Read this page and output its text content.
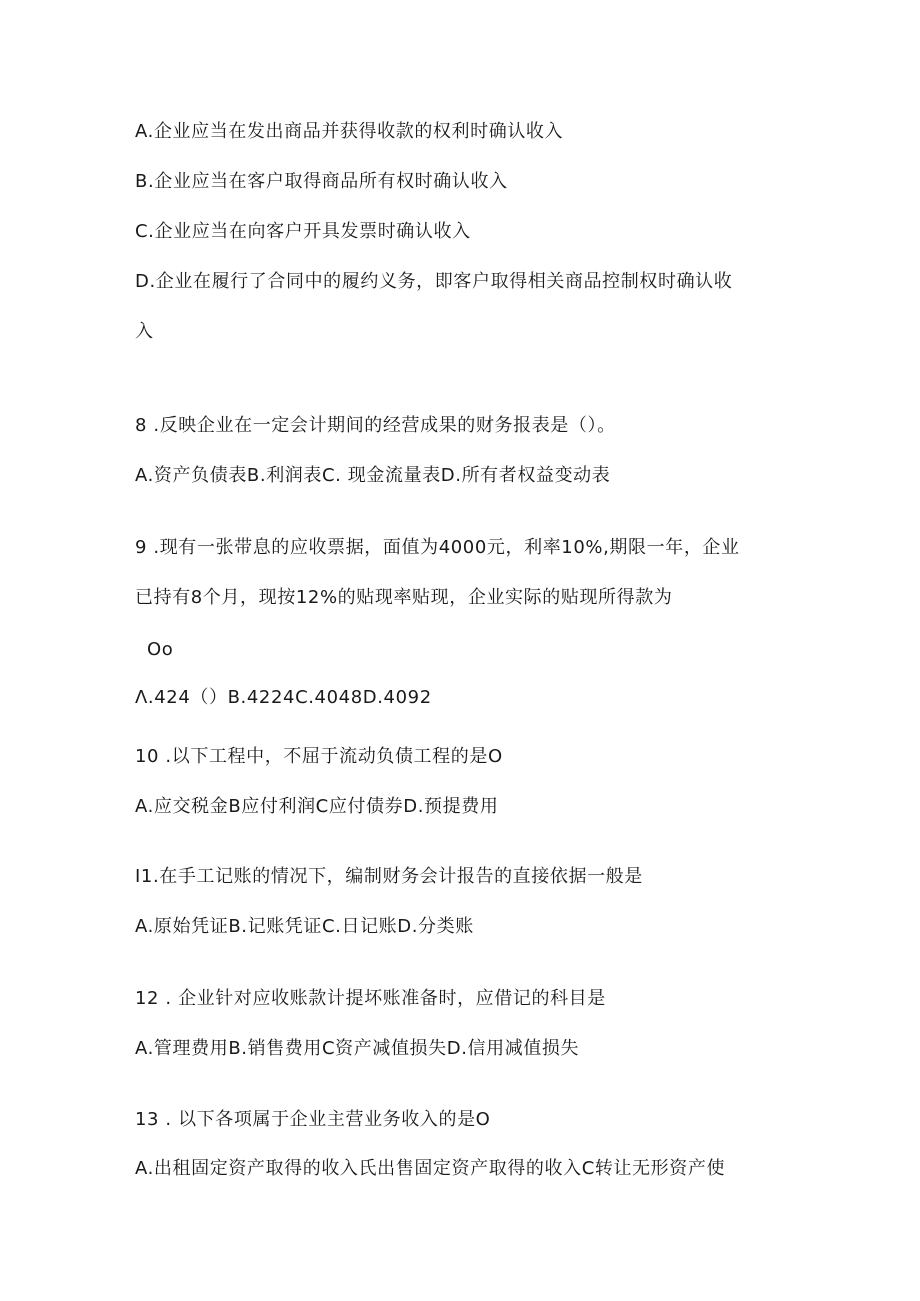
A.企业应当在发出商品并获得收款的权利时确认收入
B.企业应当在客户取得商品所有权时确认收入
C.企业应当在向客户开具发票时确认收入
D.企业在履行了合同中的履约义务，即客户取得相关商品控制权时确认收
入
8 .反映企业在一定会计期间的经营成果的财务报表是（）。
A.资产负债表B.利润表C. 现金流量表D.所有者权益变动表
9 .现有一张带息的应收票据，面值为4000元，利率10%,期限一年，企业
已持有8个月，现按12%的贴现率贴现，企业实际的贴现所得款为
Oo
Λ.424（）B.4224C.4048D.4092
10 .以下工程中，不屈于流动负债工程的是O
A.应交税金B应付利润C应付债券D.预提费用
I1.在手工记账的情况下，编制财务会计报告的直接依据一般是
A.原始凭证B.记账凭证C.日记账D.分类账
12 . 企业针对应收账款计提坏账准备时，应借记的科目是
A.管理费用B.销售费用C资产减值损失D.信用减值损失
13 . 以下各项属于企业主营业务收入的是O
A.出租固定资产取得的收入氏出售固定资产取得的收入C转让无形资产使
